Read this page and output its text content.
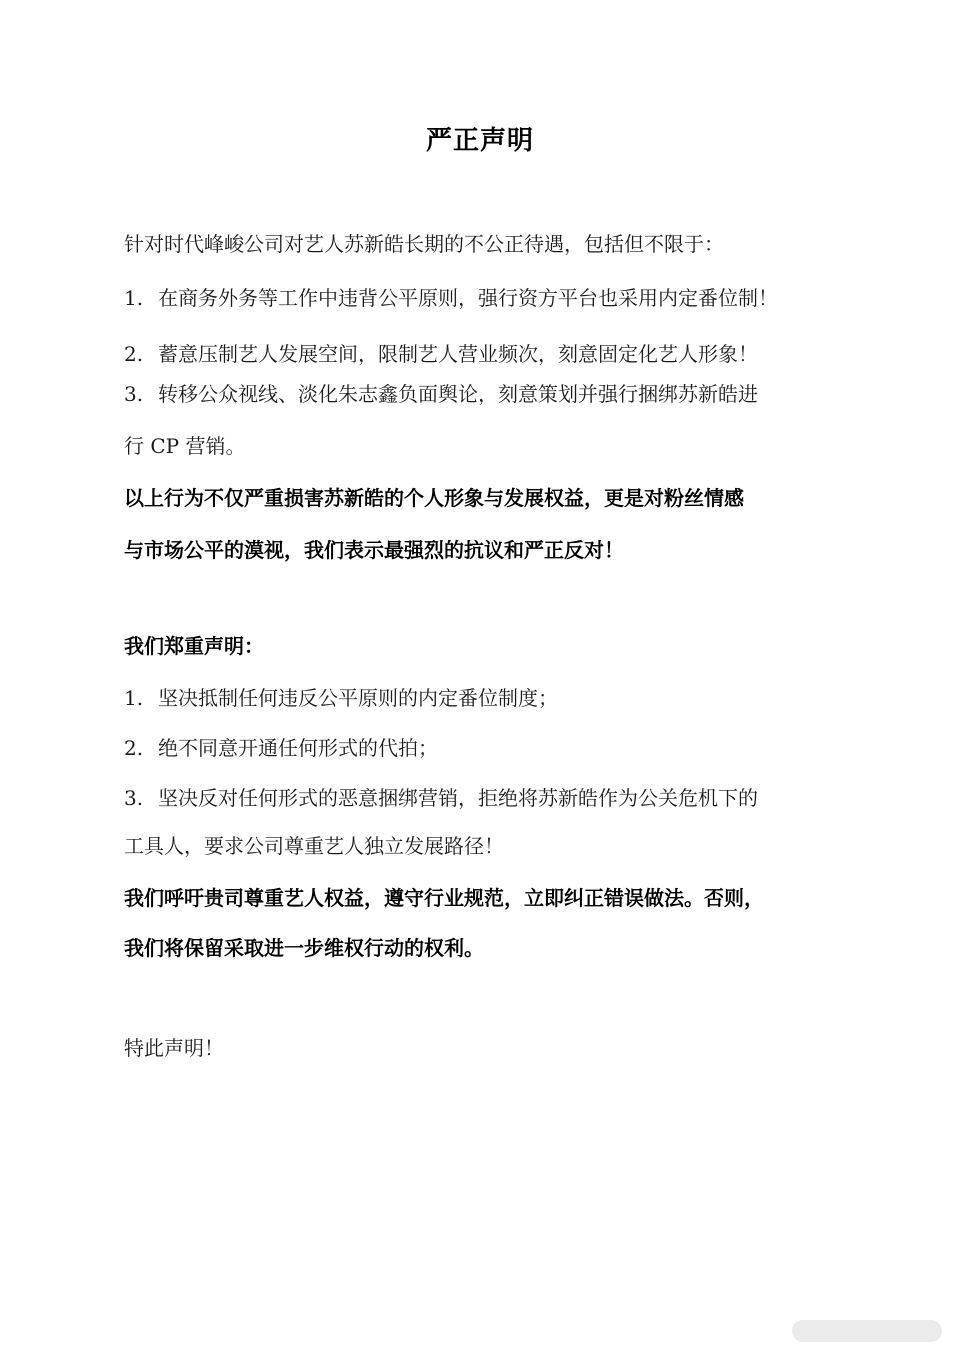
严正声明
针对时代峰峻公司对艺人苏新皓长期的不公正待遇，包括但不限于：
1. 在商务外务等工作中违背公平原则，强行资方平台也采用内定番位制！
2. 蓄意压制艺人发展空间，限制艺人营业频次，刻意固定化艺人形象！
3. 转移公众视线、淡化朱志鑫负面舆论，刻意策划并强行捆绑苏新皓进
行 CP 营销。
以上行为不仅严重损害苏新皓的个人形象与发展权益，更是对粉丝情感
与市场公平的漠视，我们表示最强烈的抗议和严正反对！
我们郑重声明：
1. 坚决抵制任何违反公平原则的内定番位制度；
2. 绝不同意开通任何形式的代拍；
3. 坚决反对任何形式的恶意捆绑营销，拒绝将苏新皓作为公关危机下的
工具人，要求公司尊重艺人独立发展路径！
我们呼吁贵司尊重艺人权益，遵守行业规范，立即纠正错误做法。否则，
我们将保留采取进一步维权行动的权利。
特此声明！
